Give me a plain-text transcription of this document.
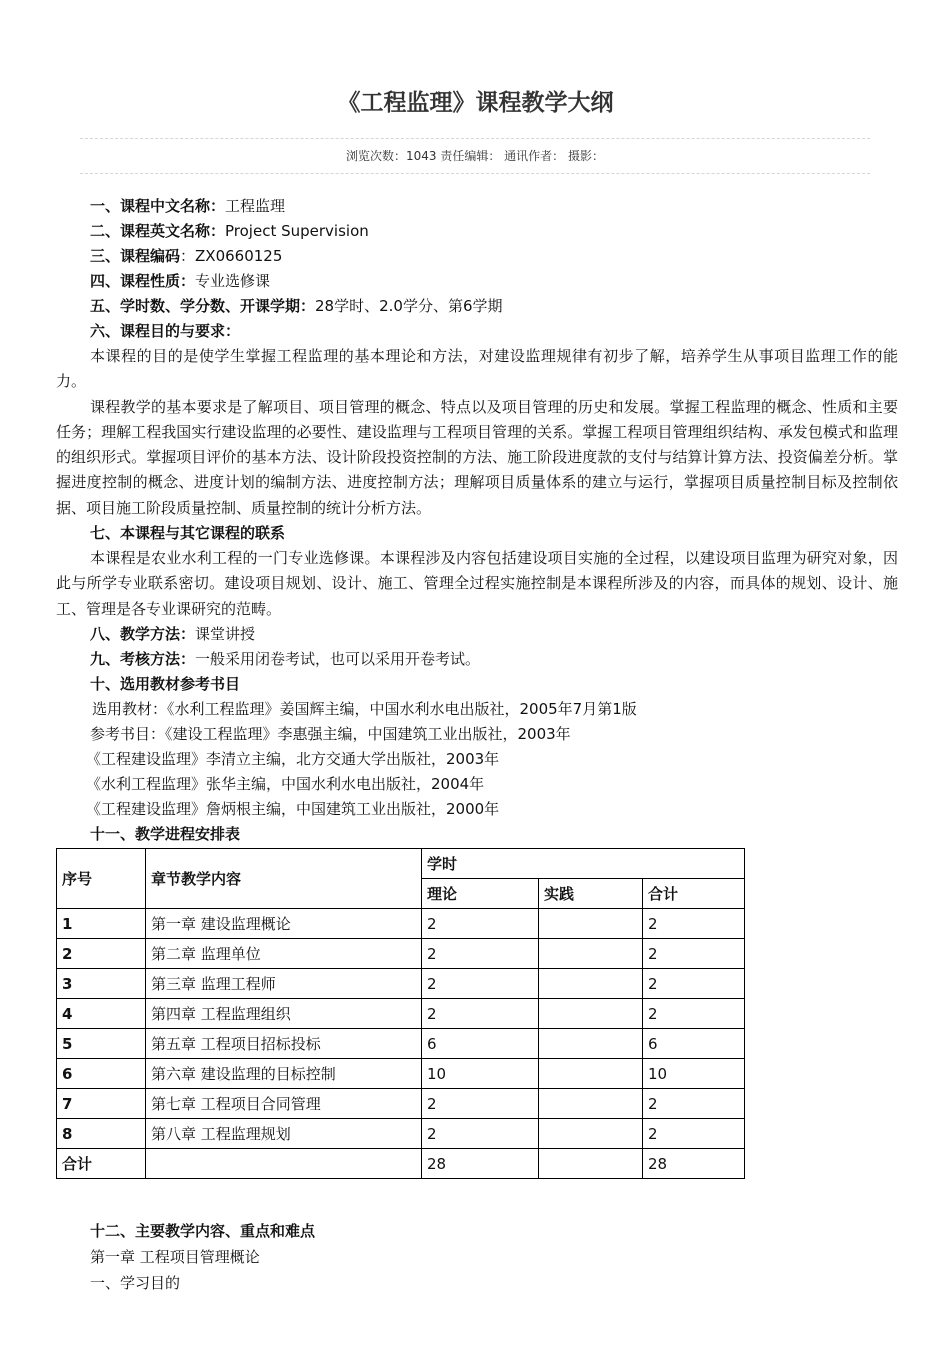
《工程监理》课程教学大纲
浏览次数：1043 责任编辑： 通讯作者： 摄影：
一、课程中文名称：工程监理
二、课程英文名称：Project Supervision
三、课程编码：ZX0660125
四、课程性质：专业选修课
五、学时数、学分数、开课学期：28学时、2.0学分、第6学期
六、课程目的与要求：
本课程的目的是使学生掌握工程监理的基本理论和方法，对建设监理规律有初步了解，培养学生从事项目监理工作的能力。
课程教学的基本要求是了解项目、项目管理的概念、特点以及项目管理的历史和发展。掌握工程监理的概念、性质和主要任务；理解工程我国实行建设监理的必要性、建设监理与工程项目管理的关系。掌握工程项目管理组织结构、承发包模式和监理的组织形式。掌握项目评价的基本方法、设计阶段投资控制的方法、施工阶段进度款的支付与结算计算方法、投资偏差分析。掌握进度控制的概念、进度计划的编制方法、进度控制方法；理解项目质量体系的建立与运行，掌握项目质量控制目标及控制依据、项目施工阶段质量控制、质量控制的统计分析方法。
七、本课程与其它课程的联系
本课程是农业水利工程的一门专业选修课。本课程涉及内容包括建设项目实施的全过程，以建设项目监理为研究对象，因此与所学专业联系密切。建设项目规划、设计、施工、管理全过程实施控制是本课程所涉及的内容，而具体的规划、设计、施工、管理是各专业课研究的范畴。
八、教学方法：课堂讲授
九、考核方法：一般采用闭卷考试，也可以采用开卷考试。
十、选用教材参考书目
选用教材：《水利工程监理》姜国辉主编，中国水利水电出版社，2005年7月第1版
参考书目：《建设工程监理》李惠强主编，中国建筑工业出版社，2003年
《工程建设监理》李清立主编，北方交通大学出版社，2003年
《水利工程监理》张华主编，中国水利水电出版社，2004年
《工程建设监理》詹炳根主编，中国建筑工业出版社，2000年
十一、教学进程安排表
序号	章节教学内容	学时		
		理论	实践	合计
1	第一章 建设监理概论	2		2
2	第二章 监理单位	2		2
3	第三章 监理工程师	2		2
4	第四章 工程监理组织	2		2
5	第五章 工程项目招标投标	6		6
6	第六章 建设监理的目标控制	10		10
7	第七章 工程项目合同管理	2		2
8	第八章 工程监理规划	2		2
合计		28		28
十二、主要教学内容、重点和难点
第一章 工程项目管理概论
一、学习目的
